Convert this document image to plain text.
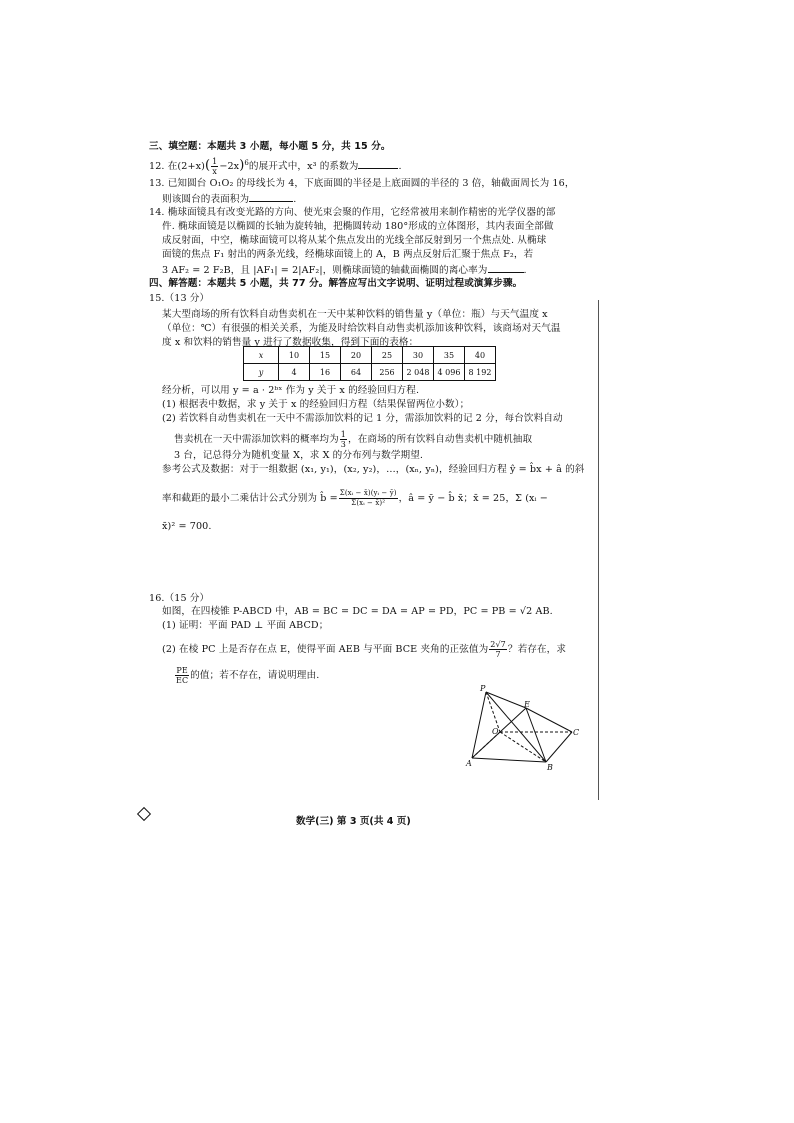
三、填空题：本题共 3 小题，每小题 5 分，共 15 分。
12. 在$(2+x)( \frac{1}{x} -2x)^6$的展开式中，x³ 的系数为	.
13. 已知圆台 O₁O₂ 的母线长为 4，下底面圆的半径是上底面圆的半径的 3 倍，轴截面周长为 16，
则该圆台的表面积为	.
14. 椭球面镜具有改变光路的方向、使光束会聚的作用，它经常被用来制作精密的光学仪器的部
件. 椭球面镜是以椭圆的长轴为旋转轴，把椭圆转动 180°形成的立体图形，其内表面全部做
成反射面，中空，椭球面镜可以将从某个焦点发出的光线全部反射到另一个焦点处. 从椭球
面镜的焦点 F₁ 射出的两条光线，经椭球面镜上的 A，B 两点反射后汇聚于焦点 F₂，若
3 AF₂ = 2 F₂B，且 |AF₁| = 2|AF₂|，则椭球面镜的轴截面椭圆的离心率为	.
四、解答题：本题共 5 小题，共 77 分。解答应写出文字说明、证明过程或演算步骤。
15.（13 分）
某大型商场的所有饮料自动售卖机在一天中某种饮料的销售量 y（单位：瓶）与天气温度 x
（单位：℃）有很强的相关关系，为能及时给饮料自动售卖机添加该种饮料，该商场对天气温
度 x 和饮料的销售量 y 进行了数据收集，得到下面的表格：
x	10	15	20	25	30	35	40
y	4	16	64	256	2 048	4 096	8 192
经分析，可以用 y = a · 2ᵇˣ 作为 y 关于 x 的经验回归方程.
(1) 根据表中数据，求 y 关于 x 的经验回归方程（结果保留两位小数）；
(2) 若饮料自动售卖机在一天中不需添加饮料的记 1 分，需添加饮料的记 2 分，每台饮料自动
售卖机在一天中需添加饮料的概率均为 $\frac{1}{3}$ ，在商场的所有饮料自动售卖机中随机抽取
3 台，记总得分为随机变量 X，求 X 的分布列与数学期望.
参考公式及数据：对于一组数据 (x₁, y₁)，(x₂, y₂)，…，(xₙ, yₙ)，经验回归方程 ŷ = b̂x + â 的斜
率和截距的最小二乘估计公式分别为 b̂ = $\frac{\text{Σ(xᵢ − x̄)(yᵢ − ȳ)}}{\text{Σ(xᵢ − x̄)²}}$ ，â = ȳ − b̂ x̄；x̄ = 25，Σ (xᵢ −
x̄)² = 700.
16.（15 分）
如图，在四棱锥 P-ABCD 中，AB = BC = DC = DA = AP = PD，PC = PB = √2 AB.
(1) 证明：平面 PAD ⊥ 平面 ABCD；
(2) 在棱 PC 上是否存在点 E，使得平面 AEB 与平面 BCE 夹角的正弦值为 $\frac{2√7}{7}$ ？若存在，求
$\frac{PE}{EC}$ 的值；若不存在，请说明理由.
P
E
O	C
A	B
数学(三) 第 3 页(共 4 页)
